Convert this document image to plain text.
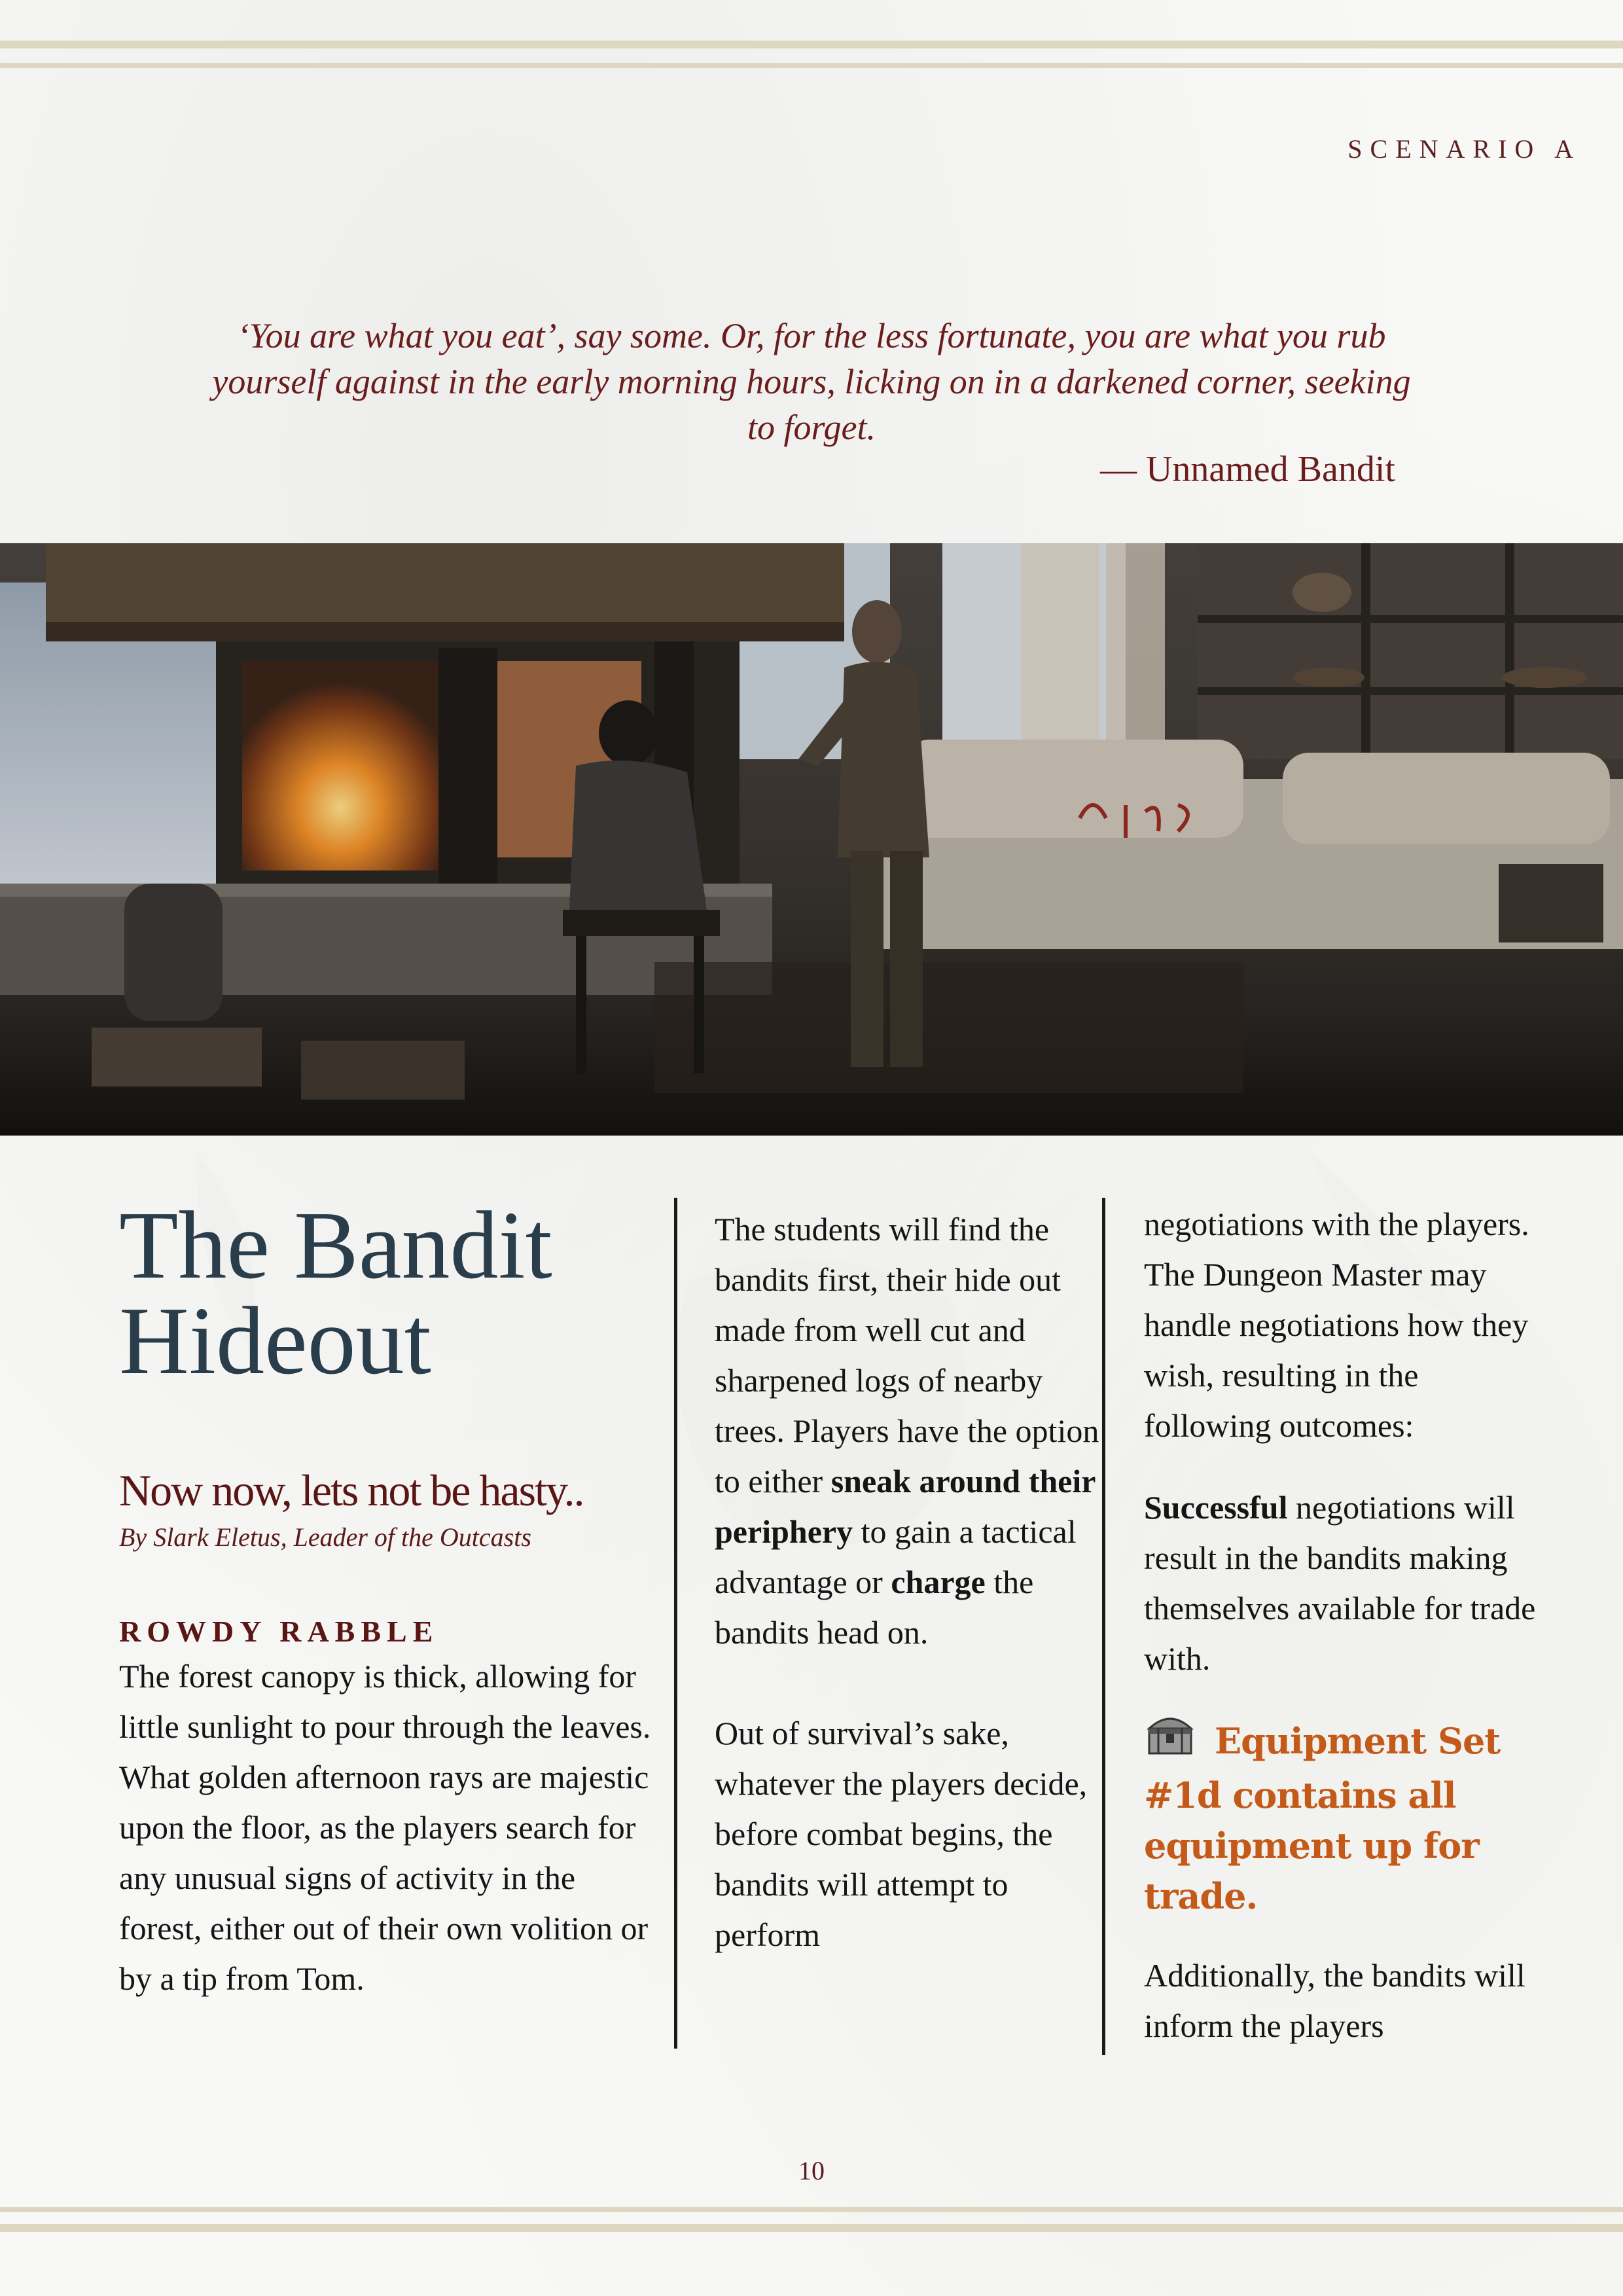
SCENARIO A
‘You are what you eat’, say some. Or, for the less fortunate, you are what you rub yourself against in the early morning hours, licking on in a darkened corner, seeking to forget.
— Unnamed Bandit
The Bandit
Hideout
Now now, lets not be hasty..
By Slark Eletus, Leader of the Outcasts
ROWDY RABBLE

The forest canopy is thick, allowing for little sunlight to pour through the leaves. What golden afternoon rays are majestic upon the floor, as the players search for any unusual signs of activity in the forest, either out of their own volition or by a tip from Tom.

The students will find the bandits first, their hide out made from well cut and sharpened logs of nearby trees. Players have the option to either sneak around their periphery to gain a tactical advantage or charge the bandits head on.

Out of survival’s sake, whatever the players decide, before combat begins, the bandits will attempt to perform

negotiations with the players. The Dungeon Master may handle negotiations how they wish, resulting in the following outcomes:

Successful negotiations will result in the bandits making themselves available for trade with.

Equipment Set #1d contains all equipment up for trade.

Additionally, the bandits will inform the players

10
